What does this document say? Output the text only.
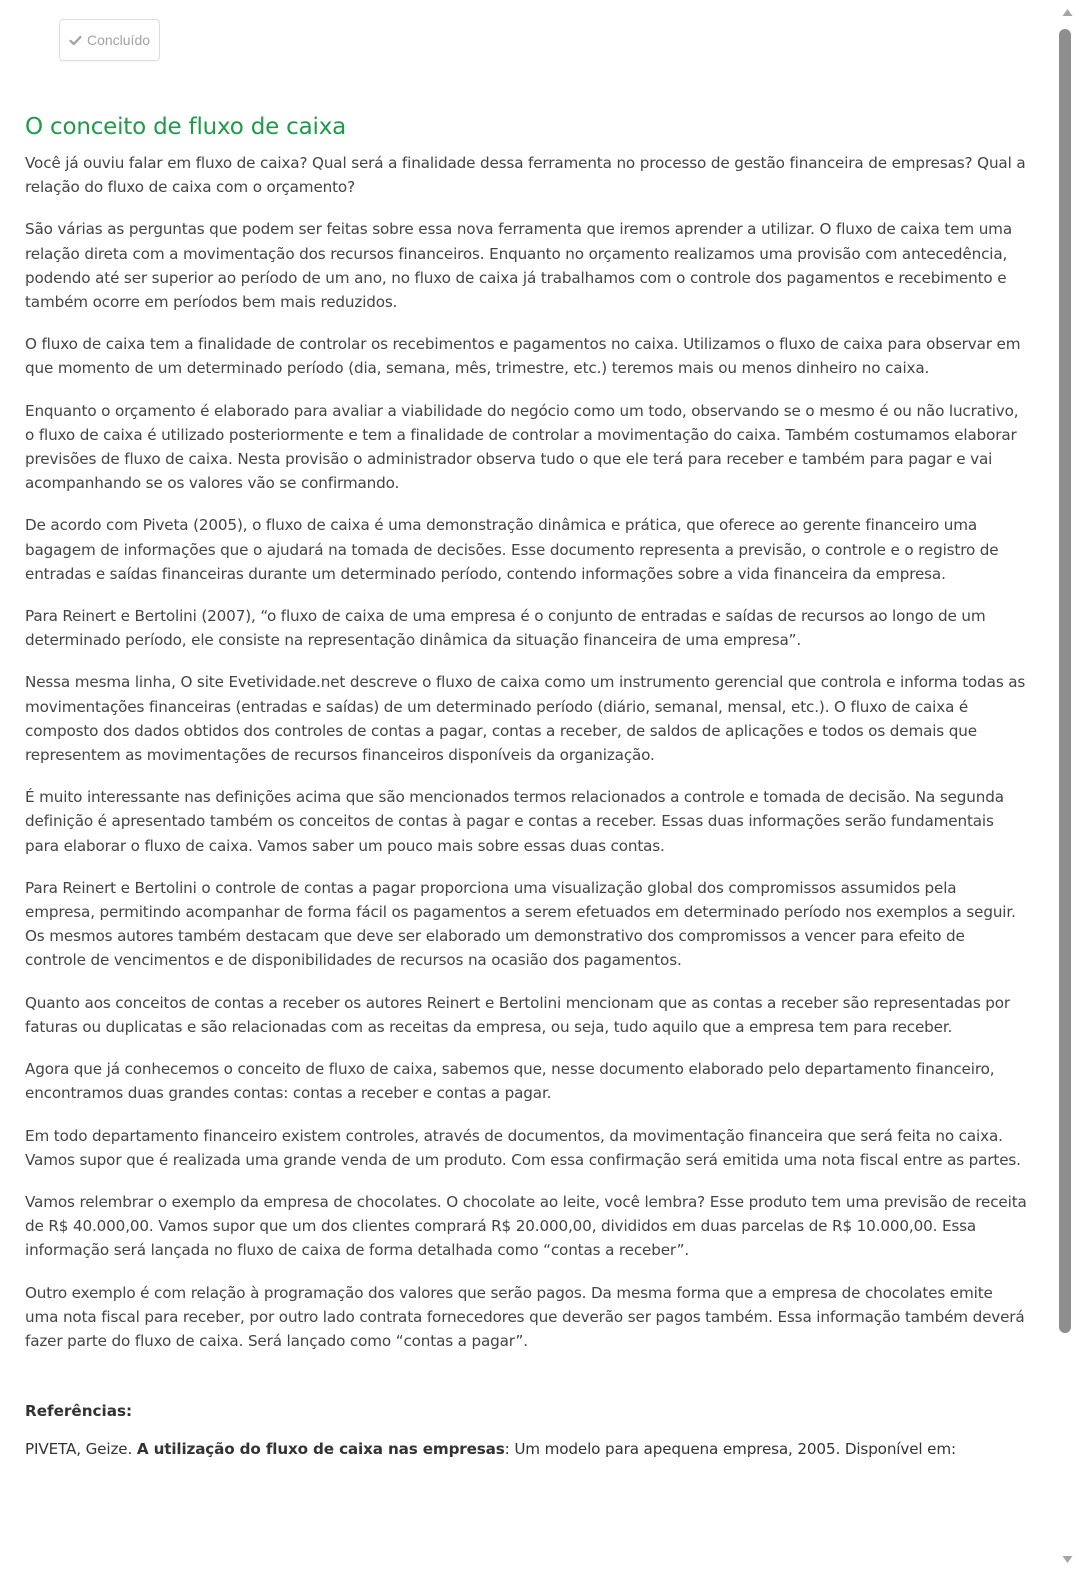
Concluído
O conceito de fluxo de caixa

Você já ouviu falar em fluxo de caixa? Qual será a finalidade dessa ferramenta no processo de gestão financeira de empresas? Qual a relação do fluxo de caixa com o orçamento?

São várias as perguntas que podem ser feitas sobre essa nova ferramenta que iremos aprender a utilizar. O fluxo de caixa tem uma relação direta com a movimentação dos recursos financeiros. Enquanto no orçamento realizamos uma provisão com antecedência, podendo até ser superior ao período de um ano, no fluxo de caixa já trabalhamos com o controle dos pagamentos e recebimento e também ocorre em períodos bem mais reduzidos.

O fluxo de caixa tem a finalidade de controlar os recebimentos e pagamentos no caixa. Utilizamos o fluxo de caixa para observar em que momento de um determinado período (dia, semana, mês, trimestre, etc.) teremos mais ou menos dinheiro no caixa.

Enquanto o orçamento é elaborado para avaliar a viabilidade do negócio como um todo, observando se o mesmo é ou não lucrativo, o fluxo de caixa é utilizado posteriormente e tem a finalidade de controlar a movimentação do caixa. Também costumamos elaborar previsões de fluxo de caixa. Nesta provisão o administrador observa tudo o que ele terá para receber e também para pagar e vai acompanhando se os valores vão se confirmando.

De acordo com Piveta (2005), o fluxo de caixa é uma demonstração dinâmica e prática, que oferece ao gerente financeiro uma bagagem de informações que o ajudará na tomada de decisões. Esse documento representa a previsão, o controle e o registro de entradas e saídas financeiras durante um determinado período, contendo informações sobre a vida financeira da empresa.

Para Reinert e Bertolini (2007), “o fluxo de caixa de uma empresa é o conjunto de entradas e saídas de recursos ao longo de um determinado período, ele consiste na representação dinâmica da situação financeira de uma empresa”.

Nessa mesma linha, O site Evetividade.net descreve o fluxo de caixa como um instrumento gerencial que controla e informa todas as movimentações financeiras (entradas e saídas) de um determinado período (diário, semanal, mensal, etc.). O fluxo de caixa é composto dos dados obtidos dos controles de contas a pagar, contas a receber, de saldos de aplicações e todos os demais que representem as movimentações de recursos financeiros disponíveis da organização.

É muito interessante nas definições acima que são mencionados termos relacionados a controle e tomada de decisão. Na segunda definição é apresentado também os conceitos de contas à pagar e contas a receber. Essas duas informações serão fundamentais para elaborar o fluxo de caixa. Vamos saber um pouco mais sobre essas duas contas.

Para Reinert e Bertolini o controle de contas a pagar proporciona uma visualização global dos compromissos assumidos pela empresa, permitindo acompanhar de forma fácil os pagamentos a serem efetuados em determinado período nos exemplos a seguir. Os mesmos autores também destacam que deve ser elaborado um demonstrativo dos compromissos a vencer para efeito de controle de vencimentos e de disponibilidades de recursos na ocasião dos pagamentos.

Quanto aos conceitos de contas a receber os autores Reinert e Bertolini mencionam que as contas a receber são representadas por faturas ou duplicatas e são relacionadas com as receitas da empresa, ou seja, tudo aquilo que a empresa tem para receber.

Agora que já conhecemos o conceito de fluxo de caixa, sabemos que, nesse documento elaborado pelo departamento financeiro, encontramos duas grandes contas: contas a receber e contas a pagar.

Em todo departamento financeiro existem controles, através de documentos, da movimentação financeira que será feita no caixa. Vamos supor que é realizada uma grande venda de um produto. Com essa confirmação será emitida uma nota fiscal entre as partes.

Vamos relembrar o exemplo da empresa de chocolates. O chocolate ao leite, você lembra? Esse produto tem uma previsão de receita de R$ 40.000,00. Vamos supor que um dos clientes comprará R$ 20.000,00, divididos em duas parcelas de R$ 10.000,00. Essa informação será lançada no fluxo de caixa de forma detalhada como “contas a receber”.

Outro exemplo é com relação à programação dos valores que serão pagos. Da mesma forma que a empresa de chocolates emite uma nota fiscal para receber, por outro lado contrata fornecedores que deverão ser pagos também. Essa informação também deverá fazer parte do fluxo de caixa. Será lançado como “contas a pagar”.

Referências:

PIVETA, Geize. A utilização do fluxo de caixa nas empresas: Um modelo para apequena empresa, 2005. Disponível em:
